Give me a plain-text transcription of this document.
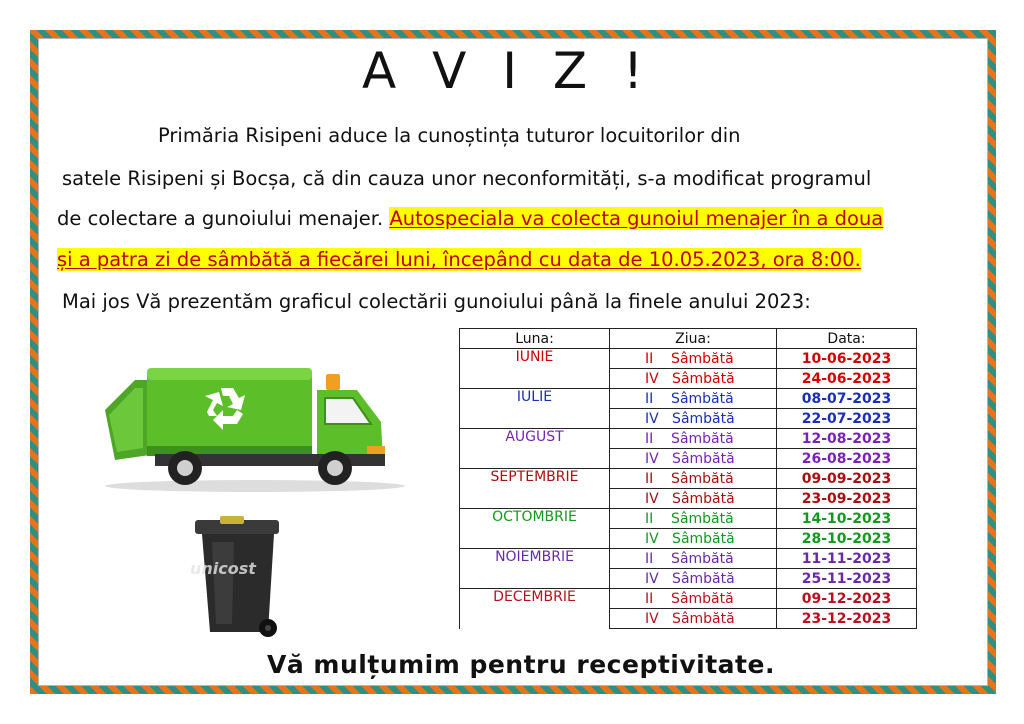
A V I Z !
Primăria Risipeni aduce la cunoștința tuturor locuitorilor din
satele Risipeni și Bocșa, că din cauza unor neconformități, s-a modificat programul
de colectare a gunoiului menajer. Autospeciala va colecta gunoiul menajer în a doua
și a patra zi de sâmbătă a fiecărei luni, începând cu data de 10.05.2023, ora 8:00.
Mai jos Vă prezentăm graficul colectării gunoiului până la finele anului 2023:
unicost
Luna:	Ziua:	Data:
IUNIE	II    Sâmbătă	10-06-2023
	IV   Sâmbătă	24-06-2023
IULIE	II    Sâmbătă	08-07-2023
	IV   Sâmbătă	22-07-2023
AUGUST	II    Sâmbătă	12-08-2023
	IV   Sâmbătă	26-08-2023
SEPTEMBRIE	II    Sâmbătă	09-09-2023
	IV   Sâmbătă	23-09-2023
OCTOMBRIE	II    Sâmbătă	14-10-2023
	IV   Sâmbătă	28-10-2023
NOIEMBRIE	II    Sâmbătă	11-11-2023
	IV   Sâmbătă	25-11-2023
DECEMBRIE	II    Sâmbătă	09-12-2023
	IV   Sâmbătă	23-12-2023
Vă mulțumim pentru receptivitate.
